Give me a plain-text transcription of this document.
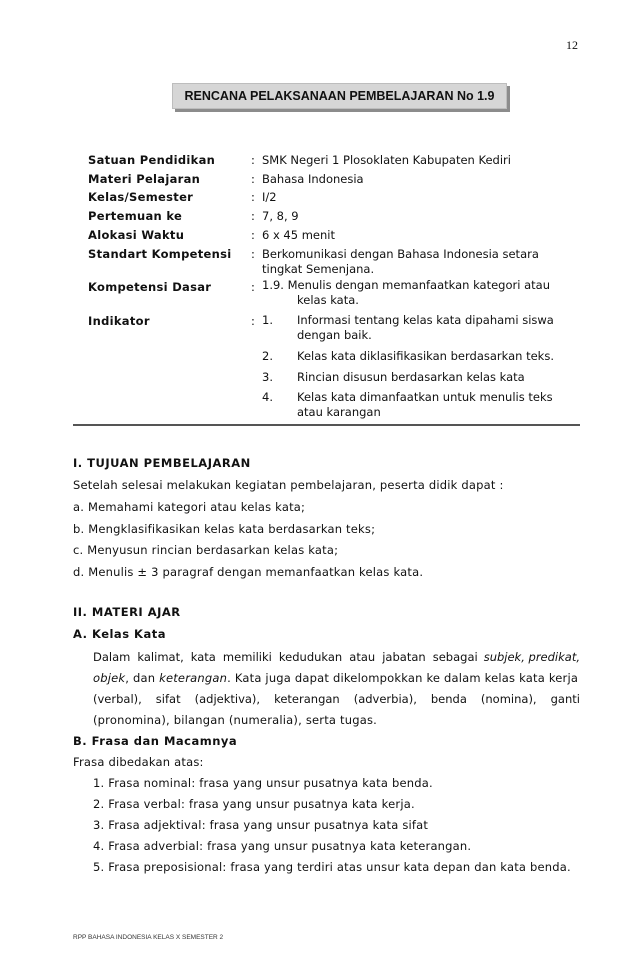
12
RENCANA PELAKSANAAN PEMBELAJARAN No 1.9
Satuan Pendidikan	: SMK Negeri 1 Plosoklaten Kabupaten Kediri
Materi Pelajaran	: Bahasa Indonesia
Kelas/Semester	: I/2
Pertemuan ke	: 7, 8, 9
Alokasi Waktu	: 6 x 45 menit
Standart Kompetensi : Berkomunikasi dengan Bahasa Indonesia setara
tingkat Semenjana.
Kompetensi Dasar	: 1.9. Menulis dengan memanfaatkan kategori atau
kelas kata.
Indikator	: 1. Informasi tentang kelas kata dipahami siswa
dengan baik.
2. Kelas kata diklasifikasikan berdasarkan teks.
3. Rincian disusun berdasarkan kelas kata
4. Kelas kata dimanfaatkan untuk menulis teks
atau karangan
I. TUJUAN PEMBELAJARAN
Setelah selesai melakukan kegiatan pembelajaran, peserta didik dapat :
a. Memahami kategori atau kelas kata;
b. Mengklasifikasikan kelas kata berdasarkan teks;
c. Menyusun rincian berdasarkan kelas kata;
d. Menulis ± 3 paragraf dengan memanfaatkan kelas kata.
II. MATERI AJAR
A. Kelas Kata
Dalam kalimat, kata memiliki kedudukan atau jabatan sebagai subjek, predikat,
objek, dan keterangan. Kata juga dapat dikelompokkan ke dalam kelas kata kerja
(verbal), sifat (adjektiva), keterangan (adverbia), benda (nomina), ganti
(pronomina), bilangan (numeralia), serta tugas.
B. Frasa dan Macamnya
Frasa dibedakan atas:
1. Frasa nominal: frasa yang unsur pusatnya kata benda.
2. Frasa verbal: frasa yang unsur pusatnya kata kerja.
3. Frasa adjektival: frasa yang unsur pusatnya kata sifat
4. Frasa adverbial: frasa yang unsur pusatnya kata keterangan.
5. Frasa preposisional: frasa yang terdiri atas unsur kata depan dan kata benda.
RPP BAHASA INDONESIA KELAS X SEMESTER 2
